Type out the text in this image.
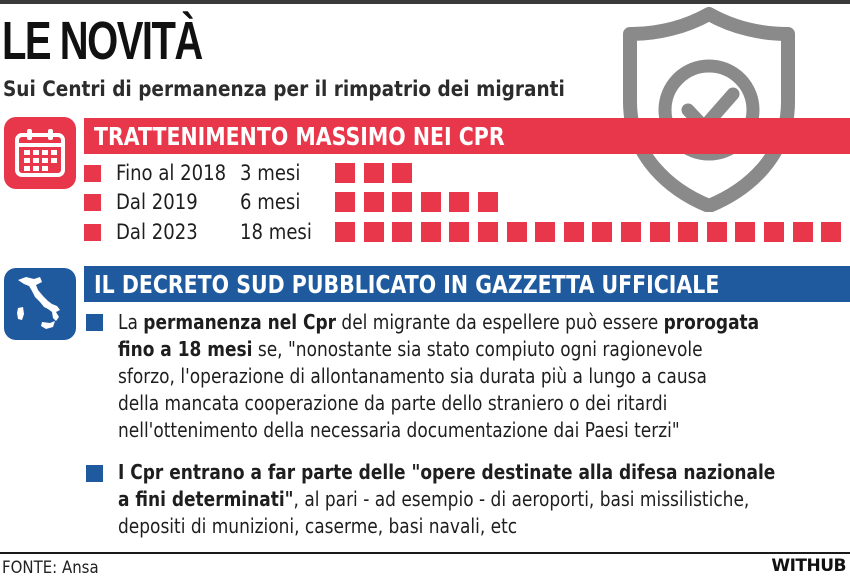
LE NOVITÀ
Sui Centri di permanenza per il rimpatrio dei migranti
TRATTENIMENTO MASSIMO NEI CPR
Fino al 2018 3 mesi
Dal 2019 6 mesi
Dal 2023 18 mesi
IL DECRETO SUD PUBBLICATO IN GAZZETTA UFFICIALE
La permanenza nel Cpr del migrante da espellere può essere prorogata
fino a 18 mesi se, "nonostante sia stato compiuto ogni ragionevole
sforzo, l'operazione di allontanamento sia durata più a lungo a causa
della mancata cooperazione da parte dello straniero o dei ritardi
nell'ottenimento della necessaria documentazione dai Paesi terzi"
I Cpr entrano a far parte delle "opere destinate alla difesa nazionale
a fini determinati", al pari - ad esempio - di aeroporti, basi missilistiche,
depositi di munizioni, caserme, basi navali, etc
FONTE: Ansa	WITHUB
